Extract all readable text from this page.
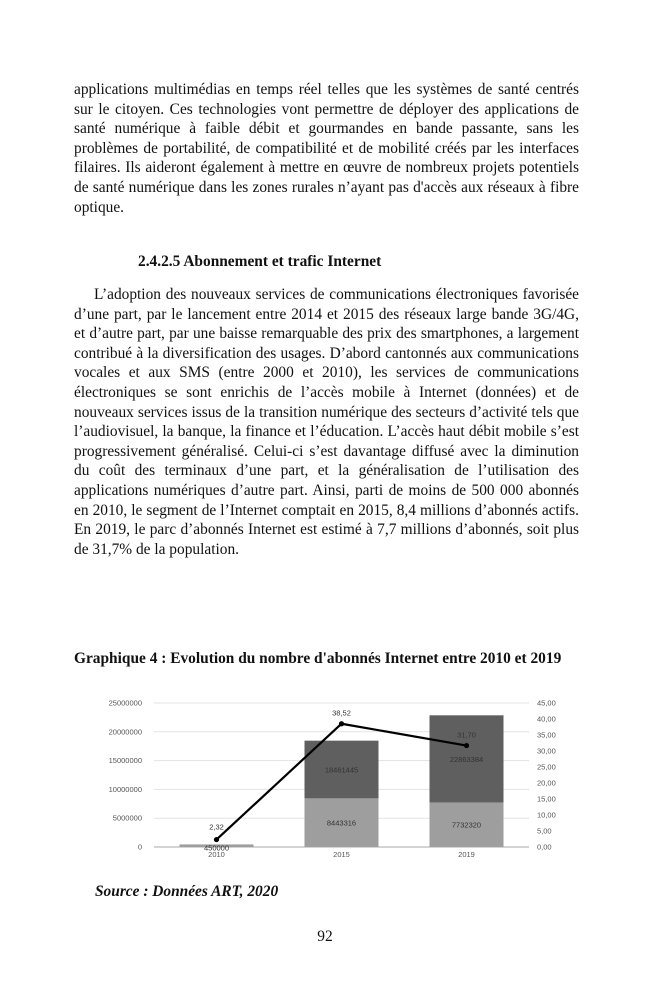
applications multimédias en temps réel telles que les systèmes de santé centrés sur le citoyen. Ces technologies vont permettre de déployer des applications de santé numérique à faible débit et gourmandes en bande passante, sans les problèmes de portabilité, de compatibilité et de mobilité créés par les interfaces filaires. Ils aideront également à mettre en œuvre de nombreux projets potentiels de santé numérique dans les zones rurales n’ayant pas d'accès aux réseaux à fibre optique.

2.4.2.5 Abonnement et trafic Internet

L’adoption des nouveaux services de communications électroniques favorisée d’une part, par le lancement entre 2014 et 2015 des réseaux large bande 3G/4G, et d’autre part, par une baisse remarquable des prix des smartphones, a largement contribué à la diversification des usages. D’abord cantonnés aux communications vocales et aux SMS (entre 2000 et 2010), les services de communications électroniques se sont enrichis de l’accès mobile à Internet (données) et de nouveaux services issus de la transition numérique des secteurs d’activité tels que l’audiovisuel, la banque, la finance et l’éducation. L’accès haut débit mobile s’est progressivement généralisé. Celui-ci s’est davantage diffusé avec la diminution du coût des terminaux d’une part, et la généralisation de l’utilisation des applications numériques d’autre part. Ainsi, parti de moins de 500 000 abonnés en 2010, le segment de l’Internet comptait en 2015, 8,4 millions d’abonnés actifs. En 2019, le parc d’abonnés Internet est estimé à 7,7 millions d’abonnés, soit plus de 31,7% de la population.

Graphique 4 : Evolution du nombre d'abonnés Internet entre 2010 et 2019
0
5000000
10000000
15000000
20000000
25000000
0,00
5,00
10,00
15,00
20,00
25,00
30,00
35,00
40,00
45,00
450000
2010
8443316
18461445
2015
7732320
22863384
2019
2,32
38,52
31,70
Source : Données ART, 2020
92
